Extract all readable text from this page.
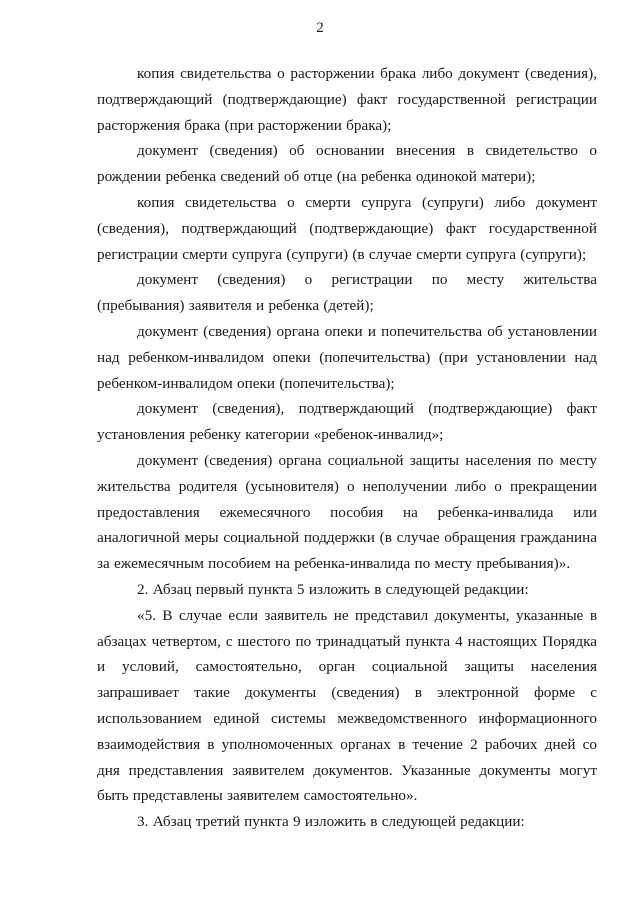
2

копия свидетельства о расторжении брака либо документ (сведения), подтверждающий (подтверждающие) факт государственной регистрации расторжения брака (при расторжении брака);

документ (сведения) об основании внесения в свидетельство о рождении ребенка сведений об отце (на ребенка одинокой матери);

копия свидетельства о смерти супруга (супруги) либо документ (сведения), подтверждающий (подтверждающие) факт государственной регистрации смерти супруга (супруги) (в случае смерти супруга (супруги);

документ (сведения) о регистрации по месту жительства (пребывания) заявителя и ребенка (детей);

документ (сведения) органа опеки и попечительства об установлении над ребенком-инвалидом опеки (попечительства) (при установлении над ребенком-инвалидом опеки (попечительства);

документ (сведения), подтверждающий (подтверждающие) факт установления ребенку категории «ребенок-инвалид»;

документ (сведения) органа социальной защиты населения по месту жительства родителя (усыновителя) о неполучении либо о прекращении предоставления ежемесячного пособия на ребенка-инвалида или аналогичной меры социальной поддержки (в случае обращения гражданина за ежемесячным пособием на ребенка-инвалида по месту пребывания)».

2. Абзац первый пункта 5 изложить в следующей редакции:

«5. В случае если заявитель не представил документы, указанные в абзацах четвертом, с шестого по тринадцатый пункта 4 настоящих Порядка и условий, самостоятельно, орган социальной защиты населения запрашивает такие документы (сведения) в электронной форме с использованием единой системы межведомственного информационного взаимодействия в уполномоченных органах в течение 2 рабочих дней со дня представления заявителем документов. Указанные документы могут быть представлены заявителем самостоятельно».

3. Абзац третий пункта 9 изложить в следующей редакции:
